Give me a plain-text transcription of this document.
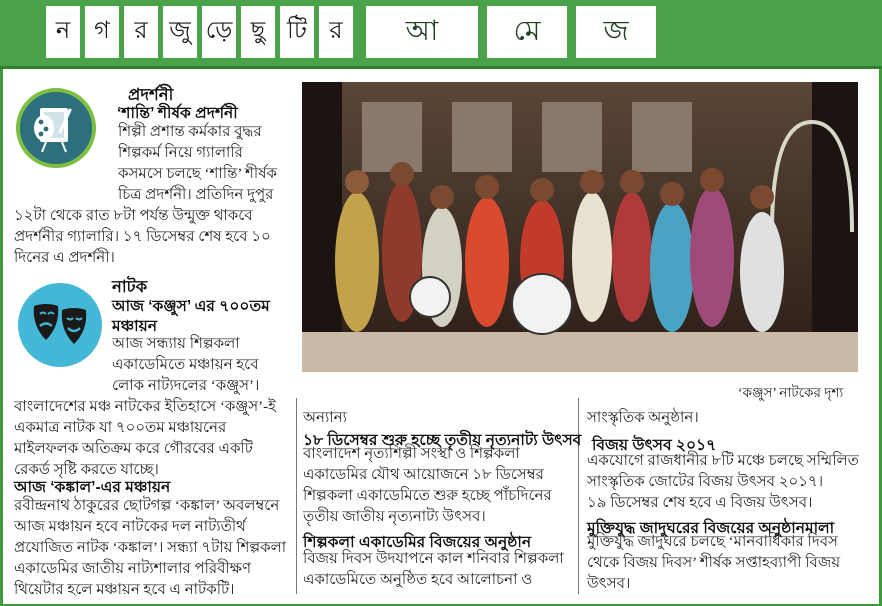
ন গ	র জু ড়ে ছু টি র	আ	মে জ
প্রদর্শনী
‘শান্তি’ শীর্ষক প্রদর্শনী
শিল্পী প্রশান্ত কর্মকার বুদ্ধর
শিল্পকর্ম নিয়ে গ্যালারি
কসমসে চলছে ‘শান্তি’ শীর্ষক
চিত্র প্রদর্শনী। প্রতিদিন দুপুর
১২টা থেকে রাত ৮টা পর্যন্ত উন্মুক্ত থাকবে
প্রদর্শনীর গ্যালারি। ১৭ ডিসেম্বর শেষ হবে ১০
দিনের এ প্রদর্শনী।
নাটক
আজ ‘কঞ্জুস’ এর ৭০০তম
মঞ্চায়ন
আজ সন্ধ্যায় শিল্পকলা
একাডেমিতে মঞ্চায়ন হবে
লোক নাট্যদলের ‘কঞ্জুস’।
বাংলাদেশের মঞ্চ নাটকের ইতিহাসে ‘কঞ্জুস’-ই
একমাত্র নাটক যা ৭০০তম মঞ্চায়নের
মাইলফলক অতিক্রম করে গৌরবের একটি
রেকর্ড সৃষ্টি করতে যাচ্ছে।
আজ ‘কঙ্কাল’-এর মঞ্চায়ন
রবীন্দ্রনাথ ঠাকুরের ছোটগল্প ‘কঙ্কাল’ অবলম্বনে
আজ মঞ্চায়ন হবে নাটকের দল নাট্যতীর্থ
প্রযোজিত নাটক ‘কঙ্কাল’। সন্ধ্যা ৭টায় শিল্পকলা
একাডেমির জাতীয় নাট্যশালার পরিবীক্ষণ
থিয়েটার হলে মঞ্চায়ন হবে এ নাটকটি।
‘কঞ্জুস’ নাটকের দৃশ্য
অন্যান্য
১৮ ডিসেম্বর শুরু হচ্ছে তৃতীয় নৃত্যনাট্য উৎসব
বাংলাদেশ নৃত্যশিল্পী সংস্থা ও শিল্পকলা
একাডেমির যৌথ আয়োজনে ১৮ ডিসেম্বর
শিল্পকলা একাডেমিতে শুরু হচ্ছে পাঁচদিনের
তৃতীয় জাতীয় নৃত্যনাট্য উৎসব।
শিল্পকলা একাডেমির বিজয়ের অনুষ্ঠান
বিজয় দিবস উদযাপনে কাল শনিবার শিল্পকলা
একাডেমিতে অনুষ্ঠিত হবে আলোচনা ও
সাংস্কৃতিক অনুষ্ঠান।
বিজয় উৎসব ২০১৭
একযোগে রাজধানীর ৮টি মঞ্চে চলছে সম্মিলিত
সাংস্কৃতিক জোটের বিজয় উৎসব ২০১৭।
১৯ ডিসেম্বর শেষ হবে এ বিজয় উৎসব।
মুক্তিযুদ্ধ জাদুঘরের বিজয়ের অনুষ্ঠানমালা
মুক্তিযুদ্ধ জাদুঘরে চলছে ‘মানবাধিকার দিবস
থেকে বিজয় দিবস’ শীর্ষক সপ্তাহব্যাপী বিজয়
উৎসব।
